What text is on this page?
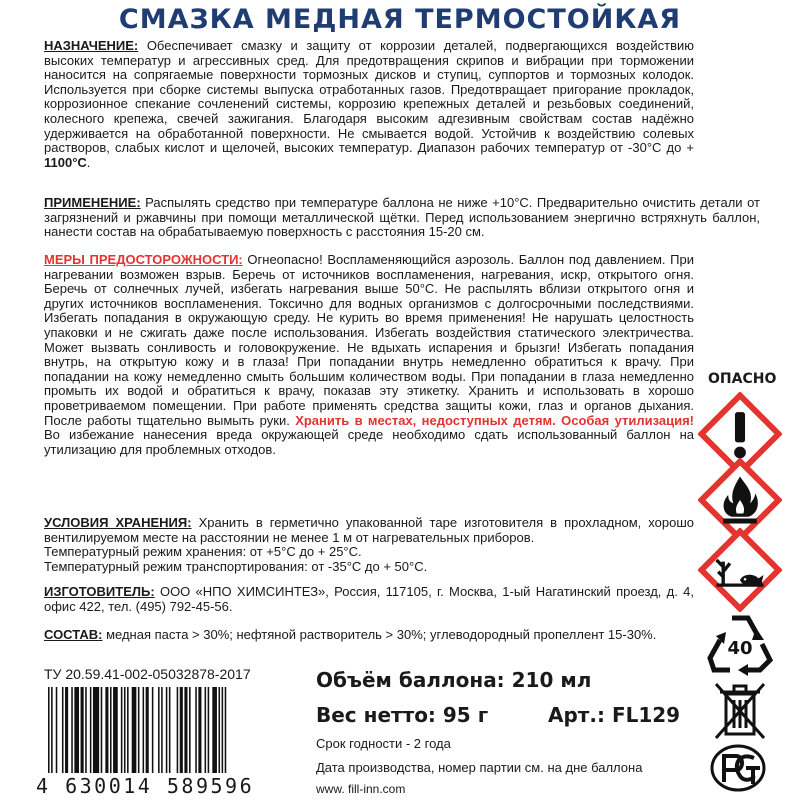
СМАЗКА МЕДНАЯ ТЕРМОСТОЙКАЯ
НАЗНАЧЕНИЕ: Обеспечивает смазку и защиту от коррозии деталей, подвергающихся воздействию высоких температур и агрессивных сред. Для предотвращения скрипов и вибрации при торможении наносится на сопрягаемые поверхности тормозных дисков и ступиц, суппортов и тормозных колодок. Используется при сборке системы выпуска отработанных газов. Предотвращает пригорание прокладок, коррозионное спекание сочленений системы, коррозию крепежных деталей и резьбовых соединений, колесного крепежа, свечей зажигания. Благодаря высоким адгезивным свойствам состав надёжно удерживается на обработанной поверхности. Не смывается водой. Устойчив к воздействию солевых растворов, слабых кислот и щелочей, высоких температур. Диапазон рабочих температур от -30°С до + 1100°С.
ПРИМЕНЕНИЕ: Распылять средство при температуре баллона не ниже +10°С. Предварительно очистить детали от загрязнений и ржавчины при помощи металлической щётки. Перед использованием энергично встряхнуть баллон, нанести состав на обрабатываемую поверхность с расстояния 15-20 см.
МЕРЫ ПРЕДОСТОРОЖНОСТИ: Огнеопасно! Воспламеняющийся аэрозоль. Баллон под давлением. При нагревании возможен взрыв. Беречь от источников воспламенения, нагревания, искр, открытого огня. Беречь от солнечных лучей, избегать нагревания выше 50°С. Не распылять вблизи открытого огня и других источников воспламенения. Токсично для водных организмов с долгосрочными последствиями. Избегать попадания в окружающую среду. Не курить во время применения! Не нарушать целостность упаковки и не сжигать даже после использования. Избегать воздействия статического электричества. Может вызвать сонливость и головокружение. Не вдыхать испарения и брызги! Избегать попадания внутрь, на открытую кожу и в глаза! При попадании внутрь немедленно обратиться к врачу. При попадании на кожу немедленно смыть большим количеством воды. При попадании в глаза немедленно промыть их водой и обратиться к врачу, показав эту этикетку. Хранить и использовать в хорошо проветриваемом помещении. При работе применять средства защиты кожи, глаз и органов дыхания. После работы тщательно вымыть руки. Хранить в местах, недоступных детям. Особая утилизация! Во избежание нанесения вреда окружающей среде необходимо сдать использованный баллон на утилизацию для проблемных отходов.
УСЛОВИЯ ХРАНЕНИЯ: Хранить в герметично упакованной таре изготовителя в прохладном, хорошо вентилируемом месте на расстоянии не менее 1 м от нагревательных приборов.
Температурный режим хранения: от +5°С до + 25°С.
Температурный режим транспортирования: от -35°С до + 50°С.
ИЗГОТОВИТЕЛЬ: ООО «НПО ХИМСИНТЕЗ», Россия, 117105, г. Москва, 1-ый Нагатинский проезд, д. 4, офис 422, тел. (495) 792-45-56.
СОСТАВ: медная паста > 30%; нефтяной растворитель > 30%; углеводородный пропеллент 15-30%.
ОПАСНО
40
ТУ 20.59.41-002-05032878-2017	Объём баллона: 210 мл
Вес нетто: 95 г	Арт.: FL129
Срок годности - 2 года
Дата производства, номер партии см. на дне баллона
www. fill-inn.com
4 630014 589596
